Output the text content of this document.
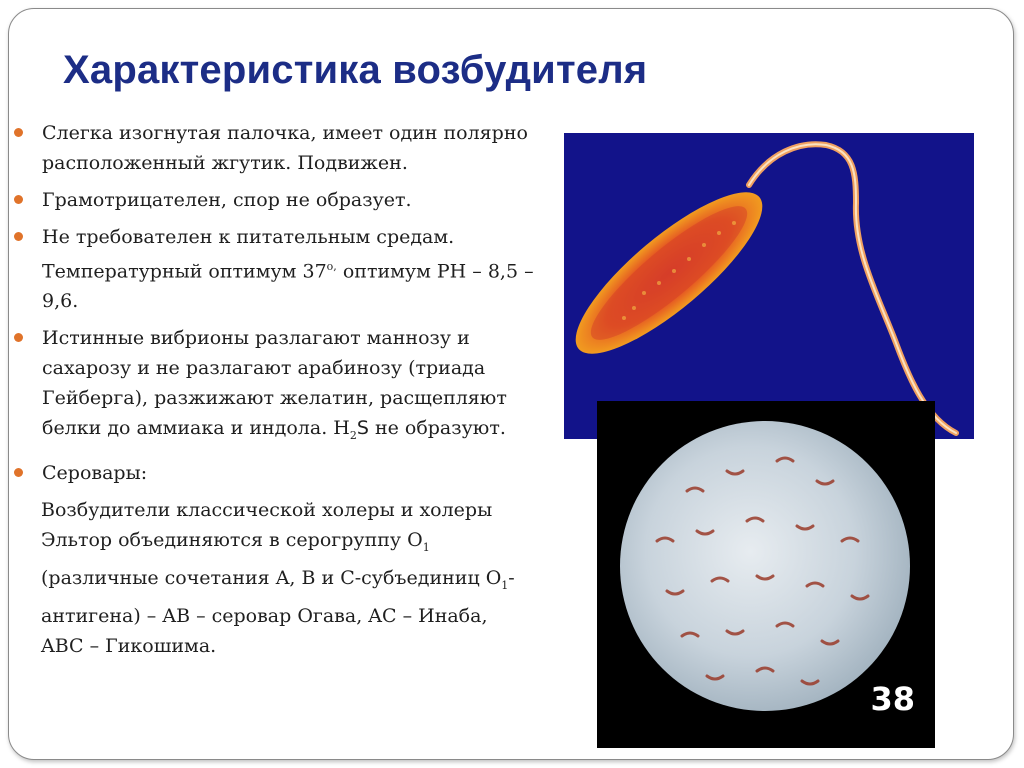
Характеристика возбудителя
Слегка изогнутая палочка, имеет один полярно расположенный жгутик. Подвижен.
Грамотрицателен, спор не образует.
Не требователен к питательным средам. Температурный оптимум $37^{о,}$ оптимум PH – 8,5 – 9,6.
Истинные вибрионы разлагают маннозу и сахарозу и не разлагают арабинозу (триада Гейберга), разжижают желатин, расщепляют белки до аммиака и индола. $H_2S$ не образуют.
Серовары:
Возбудители классической холеры и холеры Эльтор объединяются в серогруппу $O_1$ (различные сочетания A, B и C-субъединиц $O_1-$ антигена) – AB – серовар Огава, AC – Инаба, ABC – Гикошима.
38
